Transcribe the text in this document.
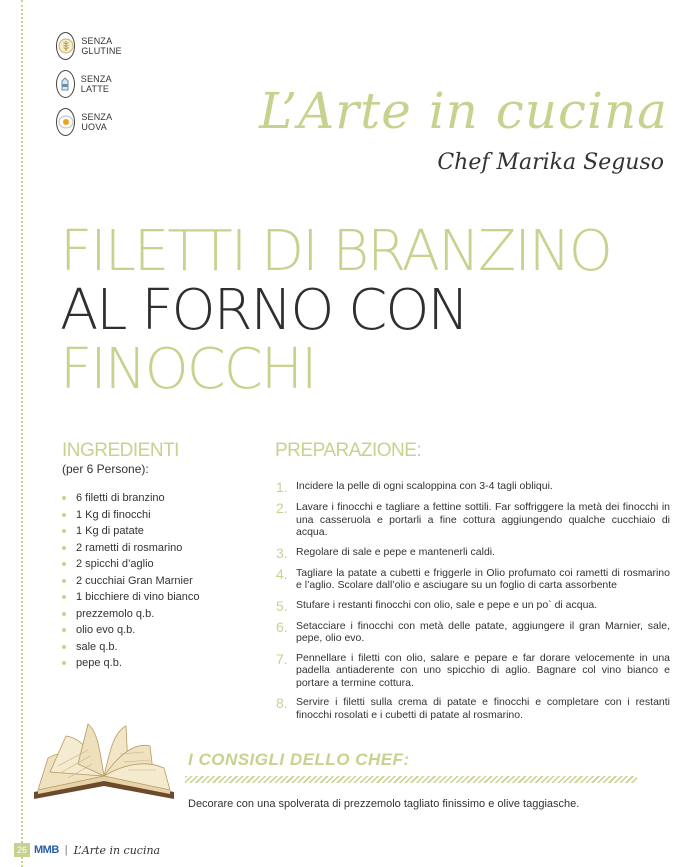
SENZA GLUTINE
SENZA LATTE
SENZA UOVA	L’Arte in cucina
Chef Marika Seguso
FILETTI DI BRANZINO
AL FORNO CON
FINOCCHI
INGREDIENTI
(per 6 Persone):
6 filetti di branzino
1 Kg di finocchi
1 Kg di patate
2 rametti di rosmarino
2 spicchi d’aglio
2 cucchiai Gran Marnier
1 bicchiere di vino bianco
prezzemolo q.b.
olio evo q.b.
sale q.b.
pepe q.b.
PREPARAZIONE:
1. Incidere la pelle di ogni scaloppina con 3-4 tagli obliqui.
2. Lavare i finocchi e tagliare a fettine sottili. Far soffriggere la metà dei finocchi in una casseruola e portarli a fine cottura aggiungendo qualche cucchiaio di acqua.
3. Regolare di sale e pepe e mantenerli caldi.
4. Tagliare la patate a cubetti e friggerle in Olio profumato coi rametti di rosmarino e l’aglio. Scolare dall’olio e asciugare su un foglio di carta assorbente
5. Stufare i restanti finocchi con olio, sale e pepe e un po` di acqua.
6. Setacciare i finocchi con metà delle patate, aggiungere il gran Marnier, sale, pepe, olio evo.
7. Pennellare i filetti con olio, salare e pepare e far dorare velocemente in una padella antiaderente con uno spicchio di aglio. Bagnare col vino bianco e portare a termine cottura.
8. Servire i filetti sulla crema di patate e finocchi e completare con i restanti finocchi rosolati e i cubetti di patate al rosmarino.
I CONSIGLI DELLO CHEF:
Decorare con una spolverata di prezzemolo tagliato finissimo e olive taggiasche.
26 MMB | L’Arte in cucina
